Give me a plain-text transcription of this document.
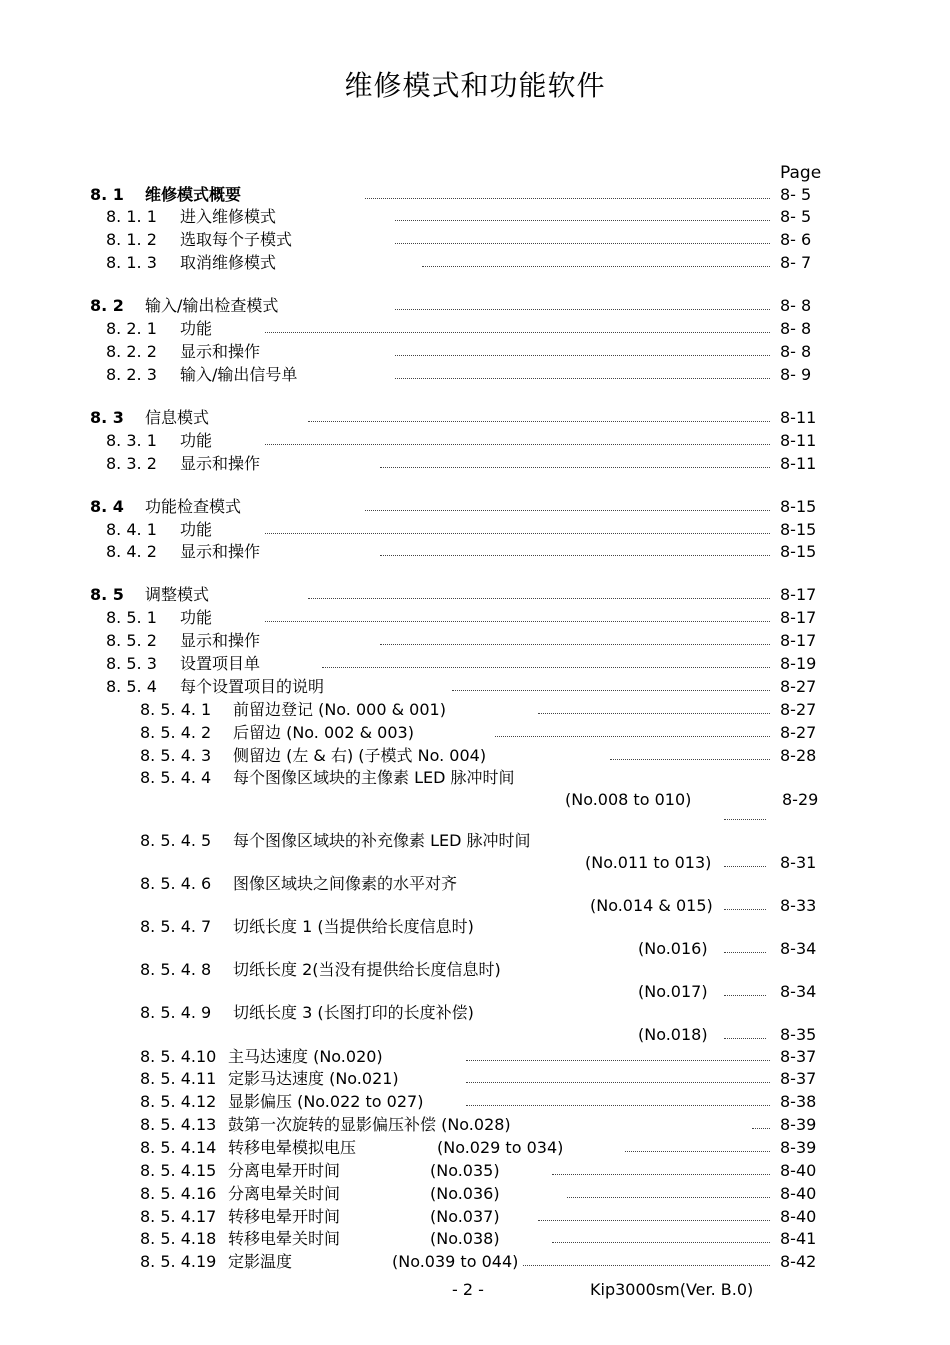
维修模式和功能软件
Page
8. 1 维修模式概要	8- 5
8. 1. 1 进入维修模式	8- 5
8. 1. 2 选取每个子模式	8- 6
8. 1. 3 取消维修模式	8- 7
8. 2 输入/输出检查模式	8- 8
8. 2. 1 功能	8- 8
8. 2. 2 显示和操作	8- 8
8. 2. 3 输入/输出信号单	8- 9
8. 3 信息模式	8-11
8. 3. 1 功能	8-11
8. 3. 2 显示和操作	8-11
8. 4 功能检查模式	8-15
8. 4. 1 功能	8-15
8. 4. 2 显示和操作	8-15
8. 5 调整模式	8-17
8. 5. 1 功能	8-17
8. 5. 2 显示和操作	8-17
8. 5. 3 设置项目单	8-19
8. 5. 4 每个设置项目的说明	8-27
8. 5. 4. 1 前留边登记 (No. 000 & 001)	8-27
8. 5. 4. 2 后留边 (No. 002 & 003)	8-27
8. 5. 4. 3 侧留边 (左 & 右) (子模式 No. 004)	8-28
8. 5. 4. 4 每个图像区域块的主像素 LED 脉冲时间
(No.008 to 010)	8-29
8. 5. 4. 5 每个图像区域块的补充像素 LED 脉冲时间
(No.011 to 013)	8-31
8. 5. 4. 6 图像区域块之间像素的水平对齐
(No.014 & 015)	8-33
8. 5. 4. 7 切纸长度 1 (当提供给长度信息时)
(No.016)	8-34
8. 5. 4. 8 切纸长度 2(当没有提供给长度信息时)
(No.017)	8-34
8. 5. 4. 9 切纸长度 3 (长图打印的长度补偿)
(No.018)	8-35
8. 5. 4.10 主马达速度 (No.020)	8-37
8. 5. 4.11 定影马达速度 (No.021)	8-37
8. 5. 4.12 显影偏压 (No.022 to 027)	8-38
8. 5. 4.13 鼓第一次旋转的显影偏压补偿 (No.028)	8-39
8. 5. 4.14 转移电晕模拟电压	(No.029 to 034)	8-39
8. 5. 4.15 分离电晕开时间	(No.035)	8-40
8. 5. 4.16 分离电晕关时间	(No.036)	8-40
8. 5. 4.17 转移电晕开时间	(No.037)	8-40
8. 5. 4.18 转移电晕关时间	(No.038)	8-41
8. 5. 4.19 定影温度	(No.039 to 044)	8-42
- 2 -	Kip3000sm(Ver. B.0)
